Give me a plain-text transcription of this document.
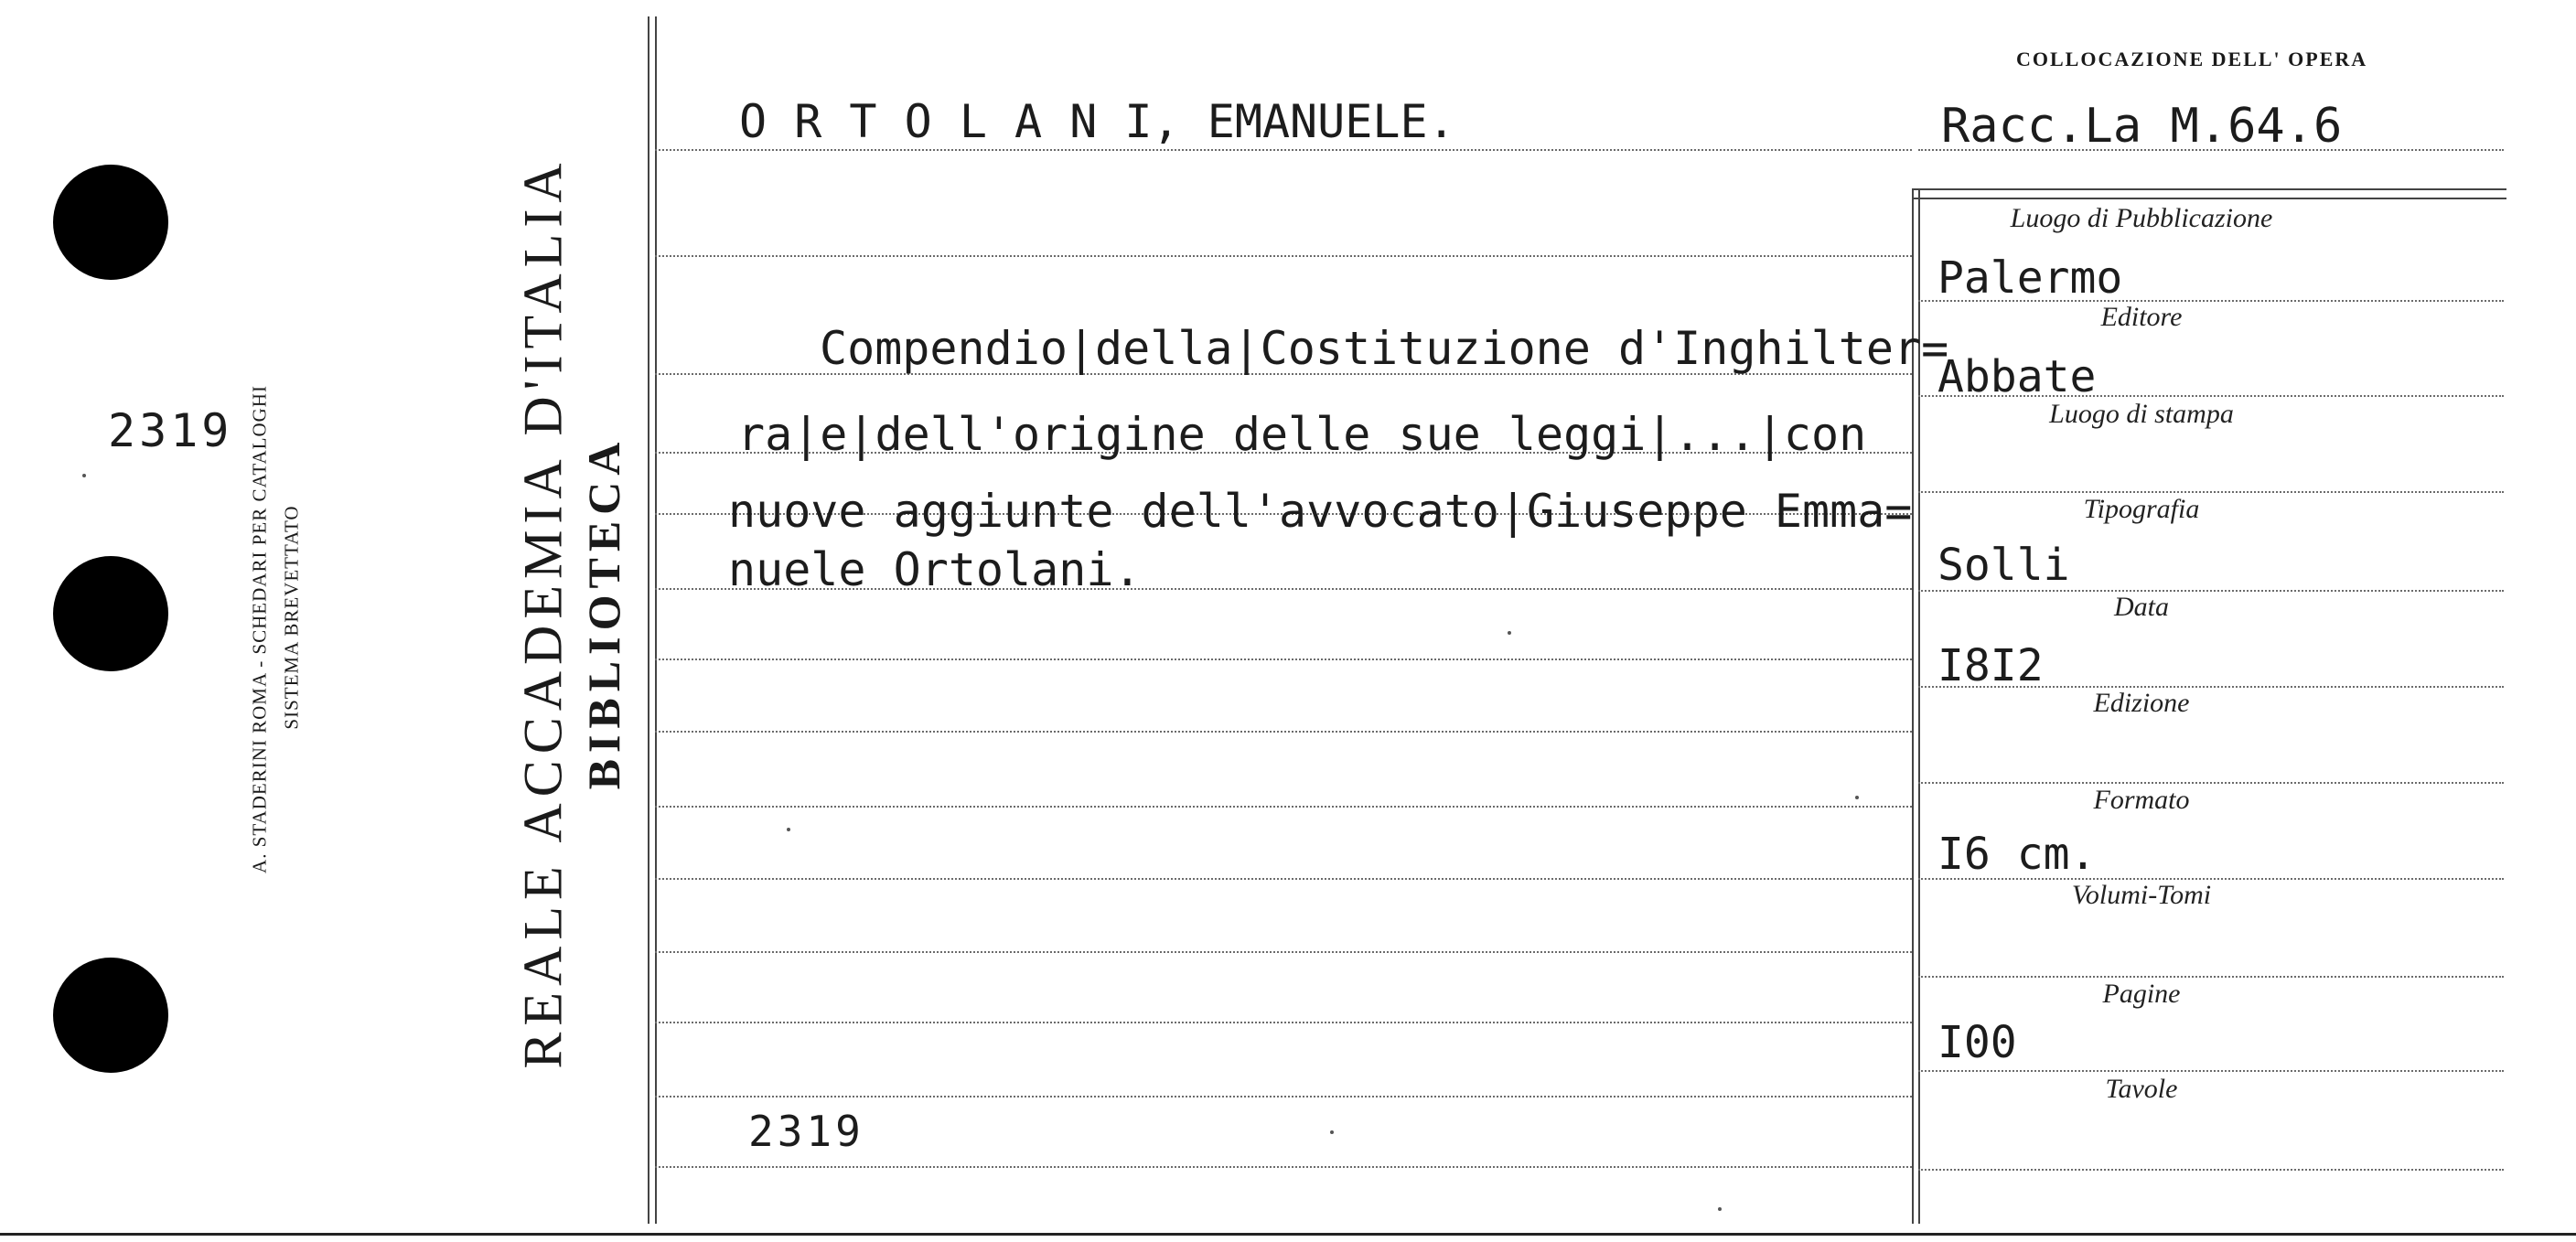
2319 A. STADERINI ROMA - SCHEDARI PER CATALOGHI SISTEMA BREVETTATO	REALE ACCADEMIA D'ITALIA BIBLIOTECA
COLLOCAZIONE DELL' OPERA
Racc.La M.64.6
O R T O L A N I, EMANUELE.
Compendio|della|Costituzione d'Inghilter=
ra|e|dell'origine delle sue leggi|...|con
nuove aggiunte dell'avvocato|Giuseppe Emma=
nuele Ortolani.
2319
Luogo di Pubblicazione
Editore
Luogo di stampa
Tipografia
Data
Edizione
Formato
Volumi-Tomi
Pagine
Tavole
Palermo
Abbate
Solli
I8I2
I6 cm.
I00
